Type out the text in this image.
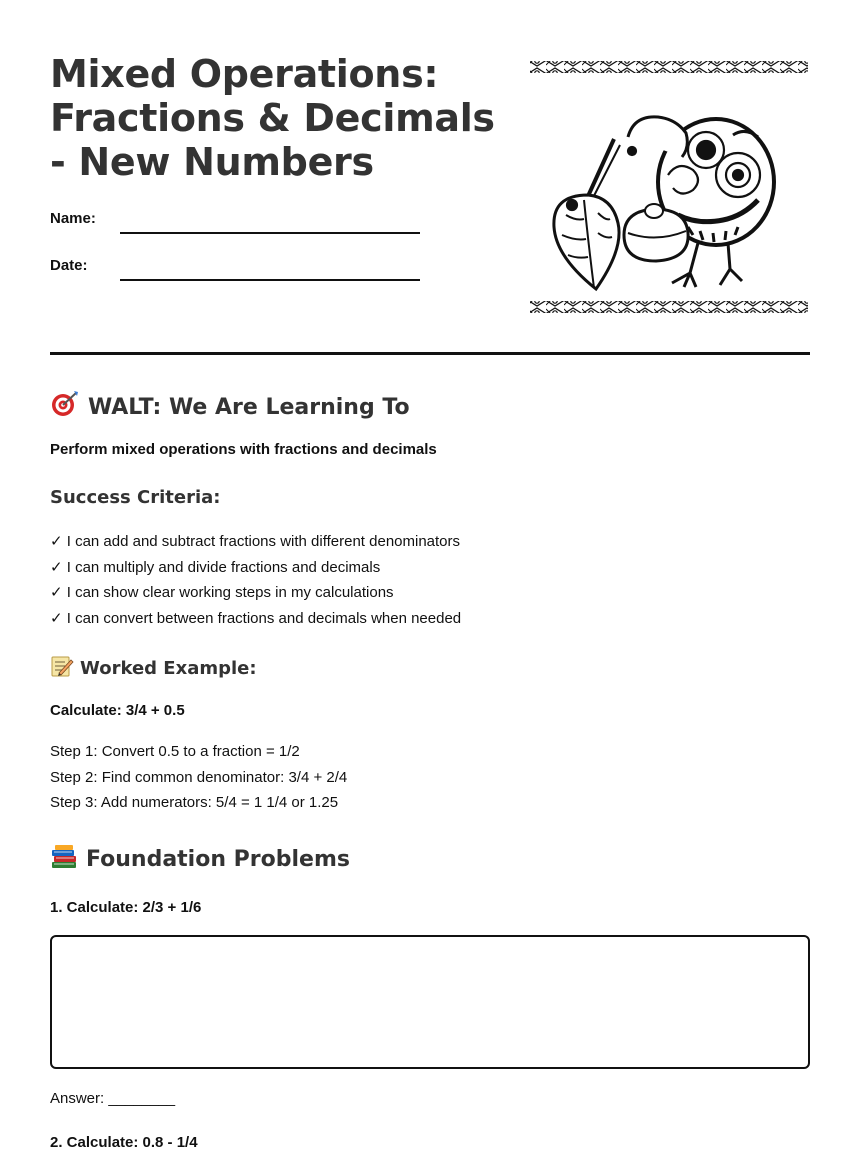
Mixed Operations: Fractions & Decimals - New Numbers
Name:
Date:
WALT: We Are Learning To

Perform mixed operations with fractions and decimals

Success Criteria:
✓ I can add and subtract fractions with different denominators
✓ I can multiply and divide fractions and decimals
✓ I can show clear working steps in my calculations
✓ I can convert between fractions and decimals when needed
Worked Example:

Calculate: 3/4 + 0.5

Step 1: Convert 0.5 to a fraction = 1/2
Step 2: Find common denominator: 3/4 + 2/4
Step 3: Add numerators: 5/4 = 1 1/4 or 1.25
Foundation Problems

1. Calculate: 2/3 + 1/6

Answer: ________

2. Calculate: 0.8 - 1/4
